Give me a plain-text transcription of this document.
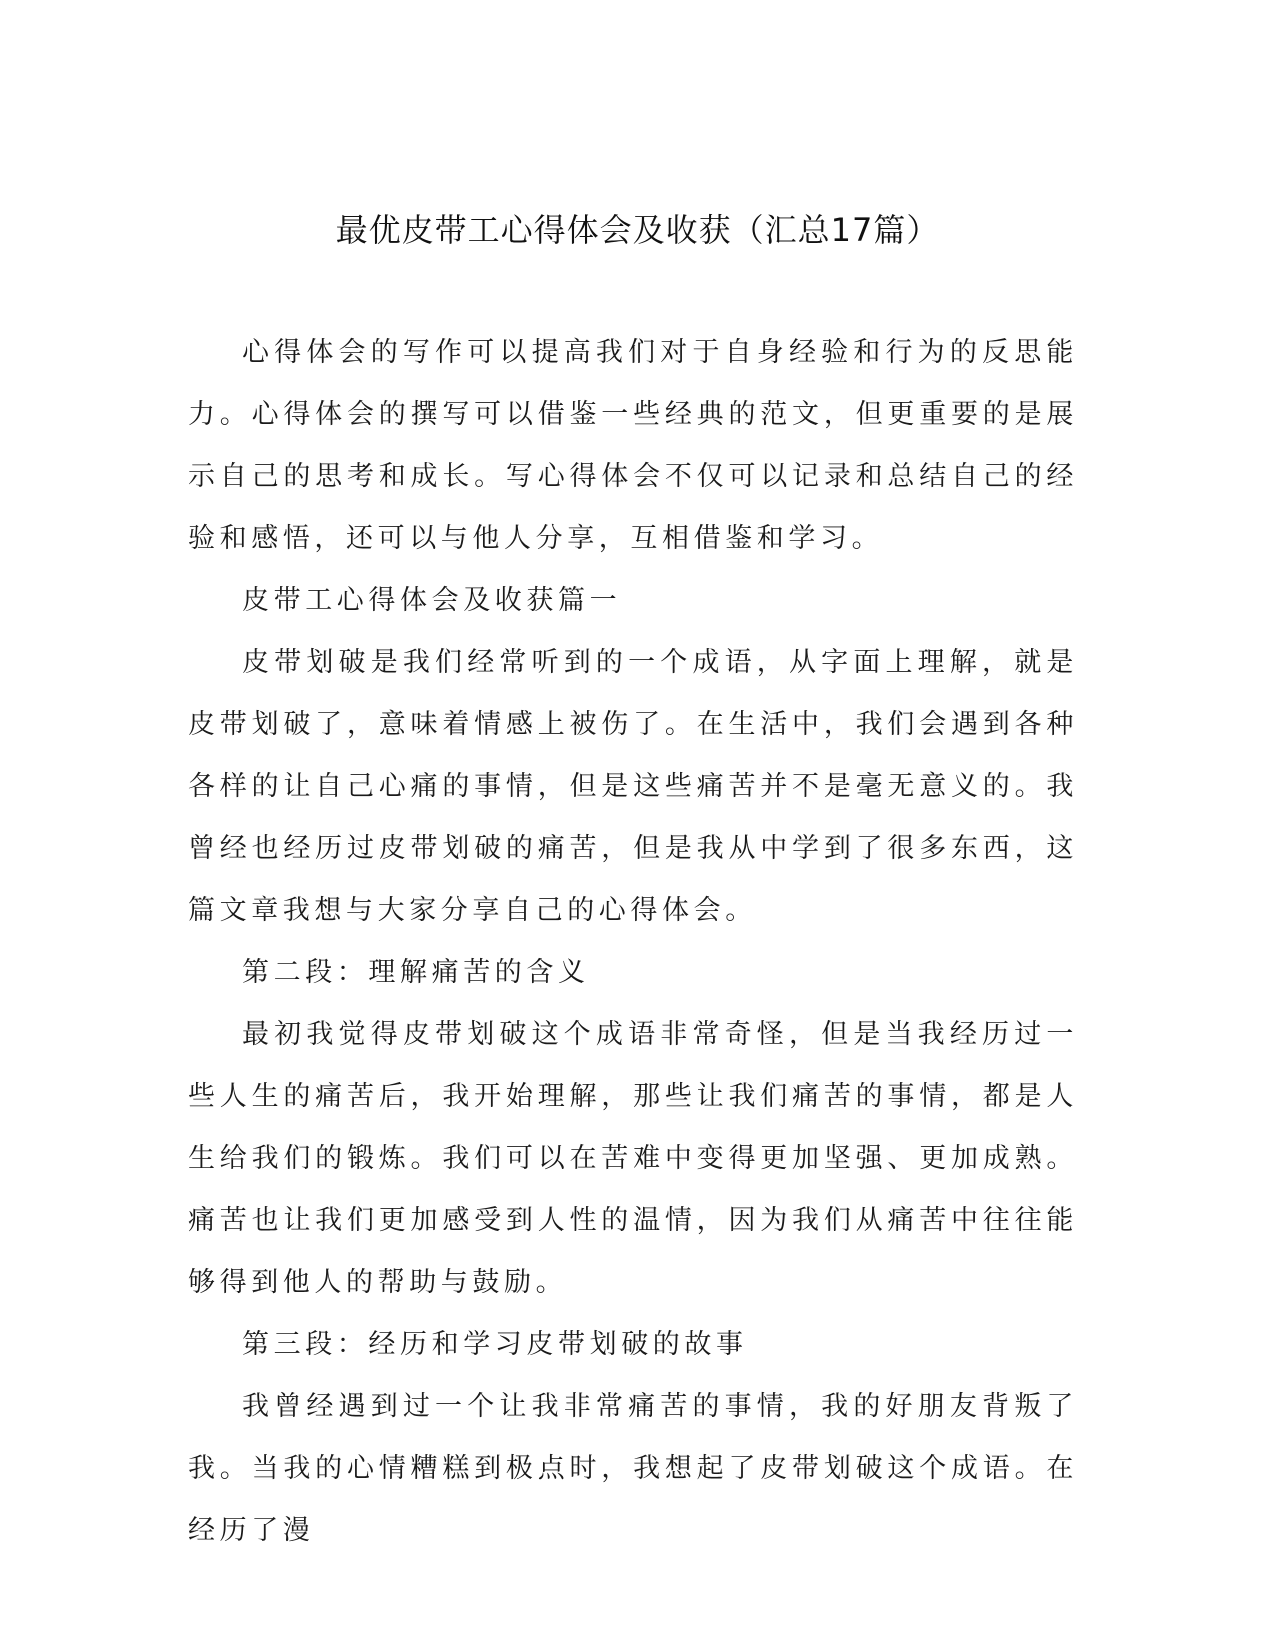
最优皮带工心得体会及收获（汇总17篇）

心得体会的写作可以提高我们对于自身经验和行为的反思能力。心得体会的撰写可以借鉴一些经典的范文，但更重要的是展示自己的思考和成长。写心得体会不仅可以记录和总结自己的经验和感悟，还可以与他人分享，互相借鉴和学习。

皮带工心得体会及收获篇一

皮带划破是我们经常听到的一个成语，从字面上理解，就是皮带划破了，意味着情感上被伤了。在生活中，我们会遇到各种各样的让自己心痛的事情，但是这些痛苦并不是毫无意义的。我曾经也经历过皮带划破的痛苦，但是我从中学到了很多东西，这篇文章我想与大家分享自己的心得体会。

第二段：理解痛苦的含义

最初我觉得皮带划破这个成语非常奇怪，但是当我经历过一些人生的痛苦后，我开始理解，那些让我们痛苦的事情，都是人生给我们的锻炼。我们可以在苦难中变得更加坚强、更加成熟。痛苦也让我们更加感受到人性的温情，因为我们从痛苦中往往能够得到他人的帮助与鼓励。

第三段：经历和学习皮带划破的故事

我曾经遇到过一个让我非常痛苦的事情，我的好朋友背叛了我。当我的心情糟糕到极点时，我想起了皮带划破这个成语。在经历了漫
